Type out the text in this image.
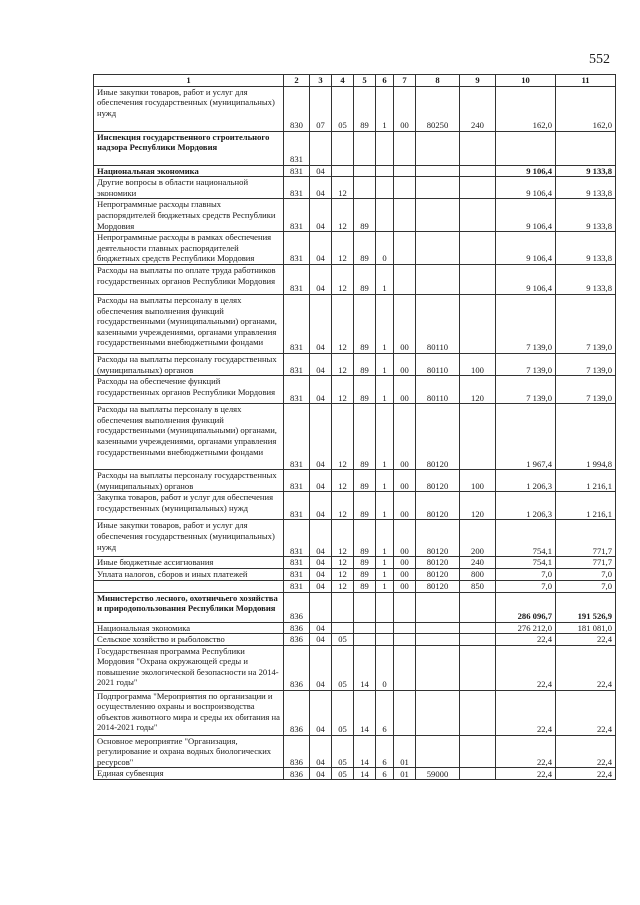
552
1	2	3	4	5	6	7	8	9	10	11
Иные закупки товаров, работ и услуг для обеспечения государственных (муниципальных) нужд	830	07	05	89	1	00	80250	240	162,0	162,0
Инспекция государственного строительного надзора Республики Мордовия	831									
Национальная экономика	831	04							9 106,4	9 133,8
Другие вопросы в области национальной экономики	831	04	12						9 106,4	9 133,8
Непрограммные расходы главных распорядителей бюджетных средств Республики Мордовия	831	04	12	89					9 106,4	9 133,8
Непрограммные расходы в рамках обеспечения деятельности главных распорядителей бюджетных средств Республики Мордовия	831	04	12	89	0				9 106,4	9 133,8
Расходы на выплаты по оплате труда работников государственных органов Республики Мордовия	831	04	12	89	1				9 106,4	9 133,8
Расходы на выплаты персоналу в целях обеспечения выполнения функций государственными (муниципальными) органами, казенными учреждениями, органами управления государственными внебюджетными фондами	831	04	12	89	1	00	80110		7 139,0	7 139,0
Расходы на выплаты персоналу государственных (муниципальных) органов	831	04	12	89	1	00	80110	100	7 139,0	7 139,0
Расходы на обеспечение функций государственных органов Республики Мордовия	831	04	12	89	1	00	80110	120	7 139,0	7 139,0
Расходы на выплаты персоналу в целях обеспечения выполнения функций государственными (муниципальными) органами, казенными учреждениями, органами управления государственными внебюджетными фондами	831	04	12	89	1	00	80120		1 967,4	1 994,8
Расходы на выплаты персоналу государственных (муниципальных) органов	831	04	12	89	1	00	80120	100	1 206,3	1 216,1
Закупка товаров, работ и услуг для обеспечения государственных (муниципальных) нужд	831	04	12	89	1	00	80120	120	1 206,3	1 216,1
Иные закупки товаров, работ и услуг для обеспечения государственных (муниципальных) нужд	831	04	12	89	1	00	80120	200	754,1	771,7
Иные бюджетные ассигнования	831	04	12	89	1	00	80120	240	754,1	771,7
Уплата налогов, сборов и иных платежей	831	04	12	89	1	00	80120	800	7,0	7,0
	831	04	12	89	1	00	80120	850	7,0	7,0
Министерство лесного, охотничьего хозяйства и природопользования Республики Мордовия	836								286 096,7	191 526,9
Национальная экономика	836	04							276 212,0	181 081,0
Сельское хозяйство и рыболовство	836	04	05						22,4	22,4
Государственная программа Республики Мордовия "Охрана окружающей среды и повышение экологической безопасности на 2014-2021 годы"	836	04	05	14	0				22,4	22,4
Подпрограмма "Мероприятия по организации и осуществлению охраны и воспроизводства объектов животного мира и среды их обитания на 2014-2021 годы"	836	04	05	14	6				22,4	22,4
Основное мероприятие "Организация, регулирование и охрана водных биологических ресурсов"	836	04	05	14	6	01			22,4	22,4
Единая субвенция	836	04	05	14	6	01	59000		22,4	22,4
